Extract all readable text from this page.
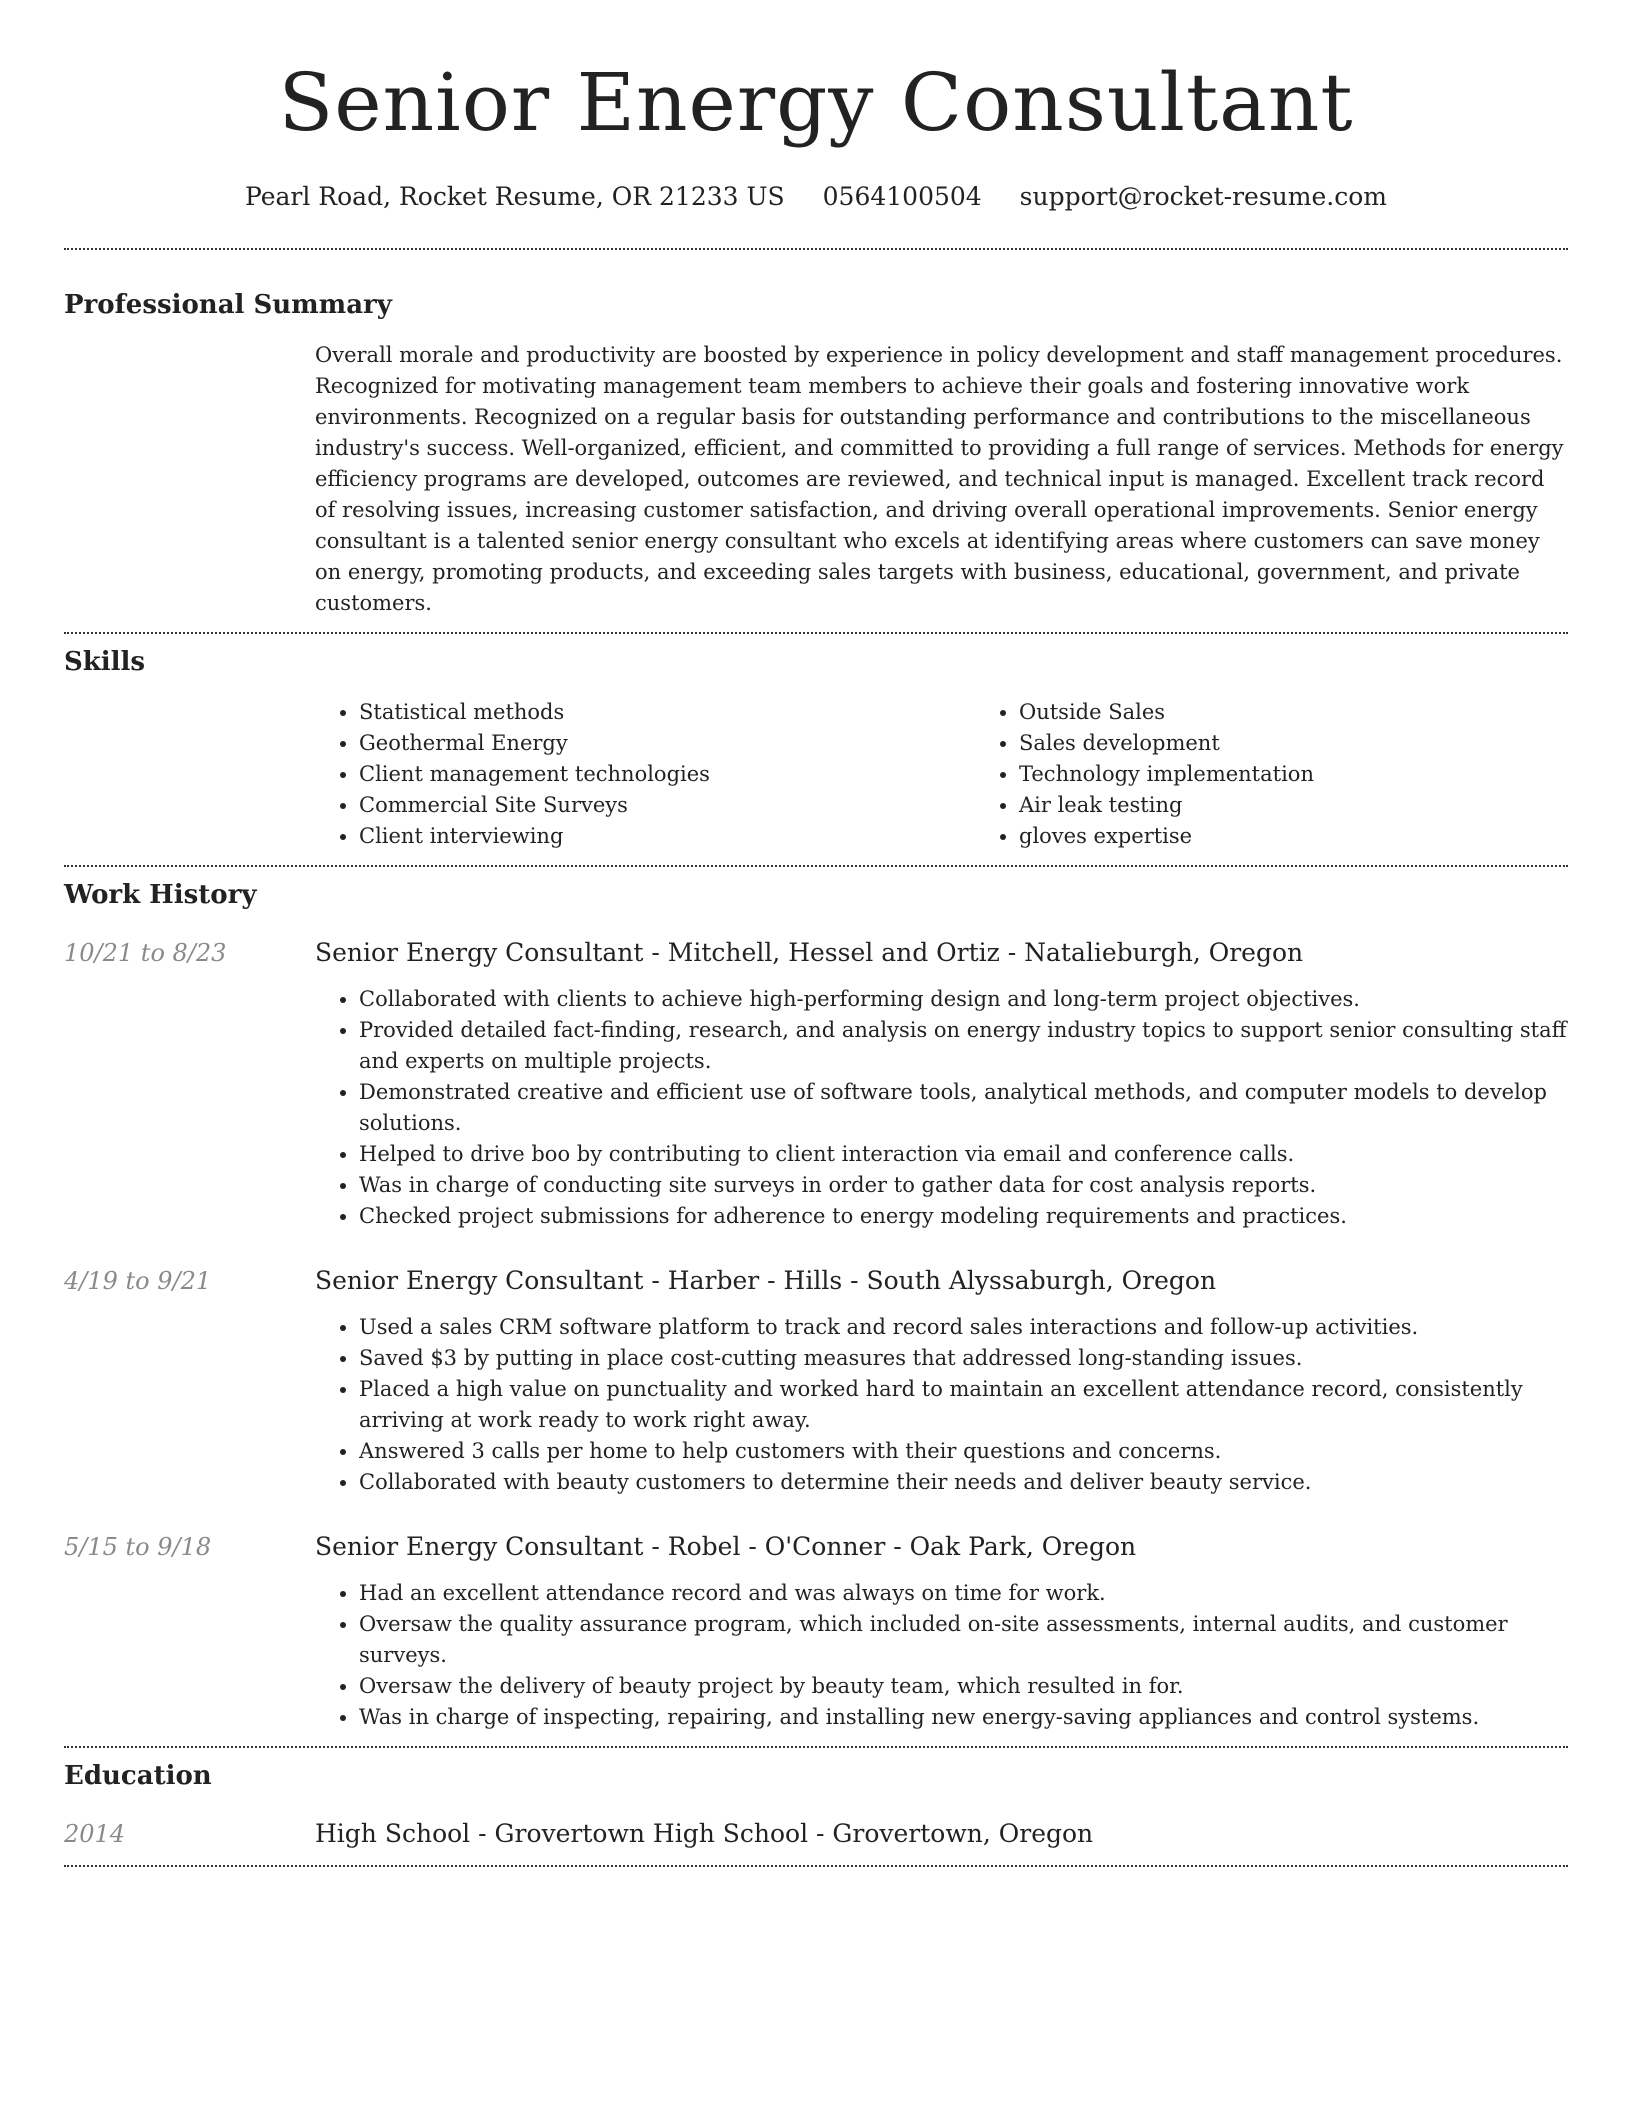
Senior Energy Consultant
Pearl Road, Rocket Resume, OR 21233 US 0564100504 support@rocket-resume.com
Professional Summary

Overall morale and productivity are boosted by experience in policy development and staff management procedures. Recognized for motivating management team members to achieve their goals and fostering innovative work environments. Recognized on a regular basis for outstanding performance and contributions to the miscellaneous industry's success. Well-organized, efficient, and committed to providing a full range of services. Methods for energy efficiency programs are developed, outcomes are reviewed, and technical input is managed. Excellent track record of resolving issues, increasing customer satisfaction, and driving overall operational improvements. Senior energy consultant is a talented senior energy consultant who excels at identifying areas where customers can save money on energy, promoting products, and exceeding sales targets with business, educational, government, and private customers.

Skills
• Statistical methods
• Geothermal Energy
• Client management technologies
• Commercial Site Surveys
• Client interviewing
• Outside Sales
• Sales development
• Technology implementation
• Air leak testing
• gloves expertise
Work History
10/21 to 8/23	Senior Energy Consultant - Mitchell, Hessel and Ortiz - Natalieburgh, Oregon
• Collaborated with clients to achieve high-performing design and long-term project objectives.
• Provided detailed fact-finding, research, and analysis on energy industry topics to support senior consulting staff and experts on multiple projects.
• Demonstrated creative and efficient use of software tools, analytical methods, and computer models to develop solutions.
• Helped to drive boo by contributing to client interaction via email and conference calls.
• Was in charge of conducting site surveys in order to gather data for cost analysis reports.
• Checked project submissions for adherence to energy modeling requirements and practices.
4/19 to 9/21	Senior Energy Consultant - Harber - Hills - South Alyssaburgh, Oregon
• Used a sales CRM software platform to track and record sales interactions and follow-up activities.
• Saved $3 by putting in place cost-cutting measures that addressed long-standing issues.
• Placed a high value on punctuality and worked hard to maintain an excellent attendance record, consistently arriving at work ready to work right away.
• Answered 3 calls per home to help customers with their questions and concerns.
• Collaborated with beauty customers to determine their needs and deliver beauty service.
5/15 to 9/18	Senior Energy Consultant - Robel - O'Conner - Oak Park, Oregon
• Had an excellent attendance record and was always on time for work.
• Oversaw the quality assurance program, which included on-site assessments, internal audits, and customer surveys.
• Oversaw the delivery of beauty project by beauty team, which resulted in for.
• Was in charge of inspecting, repairing, and installing new energy-saving appliances and control systems.
Education
2014	High School - Grovertown High School - Grovertown, Oregon
